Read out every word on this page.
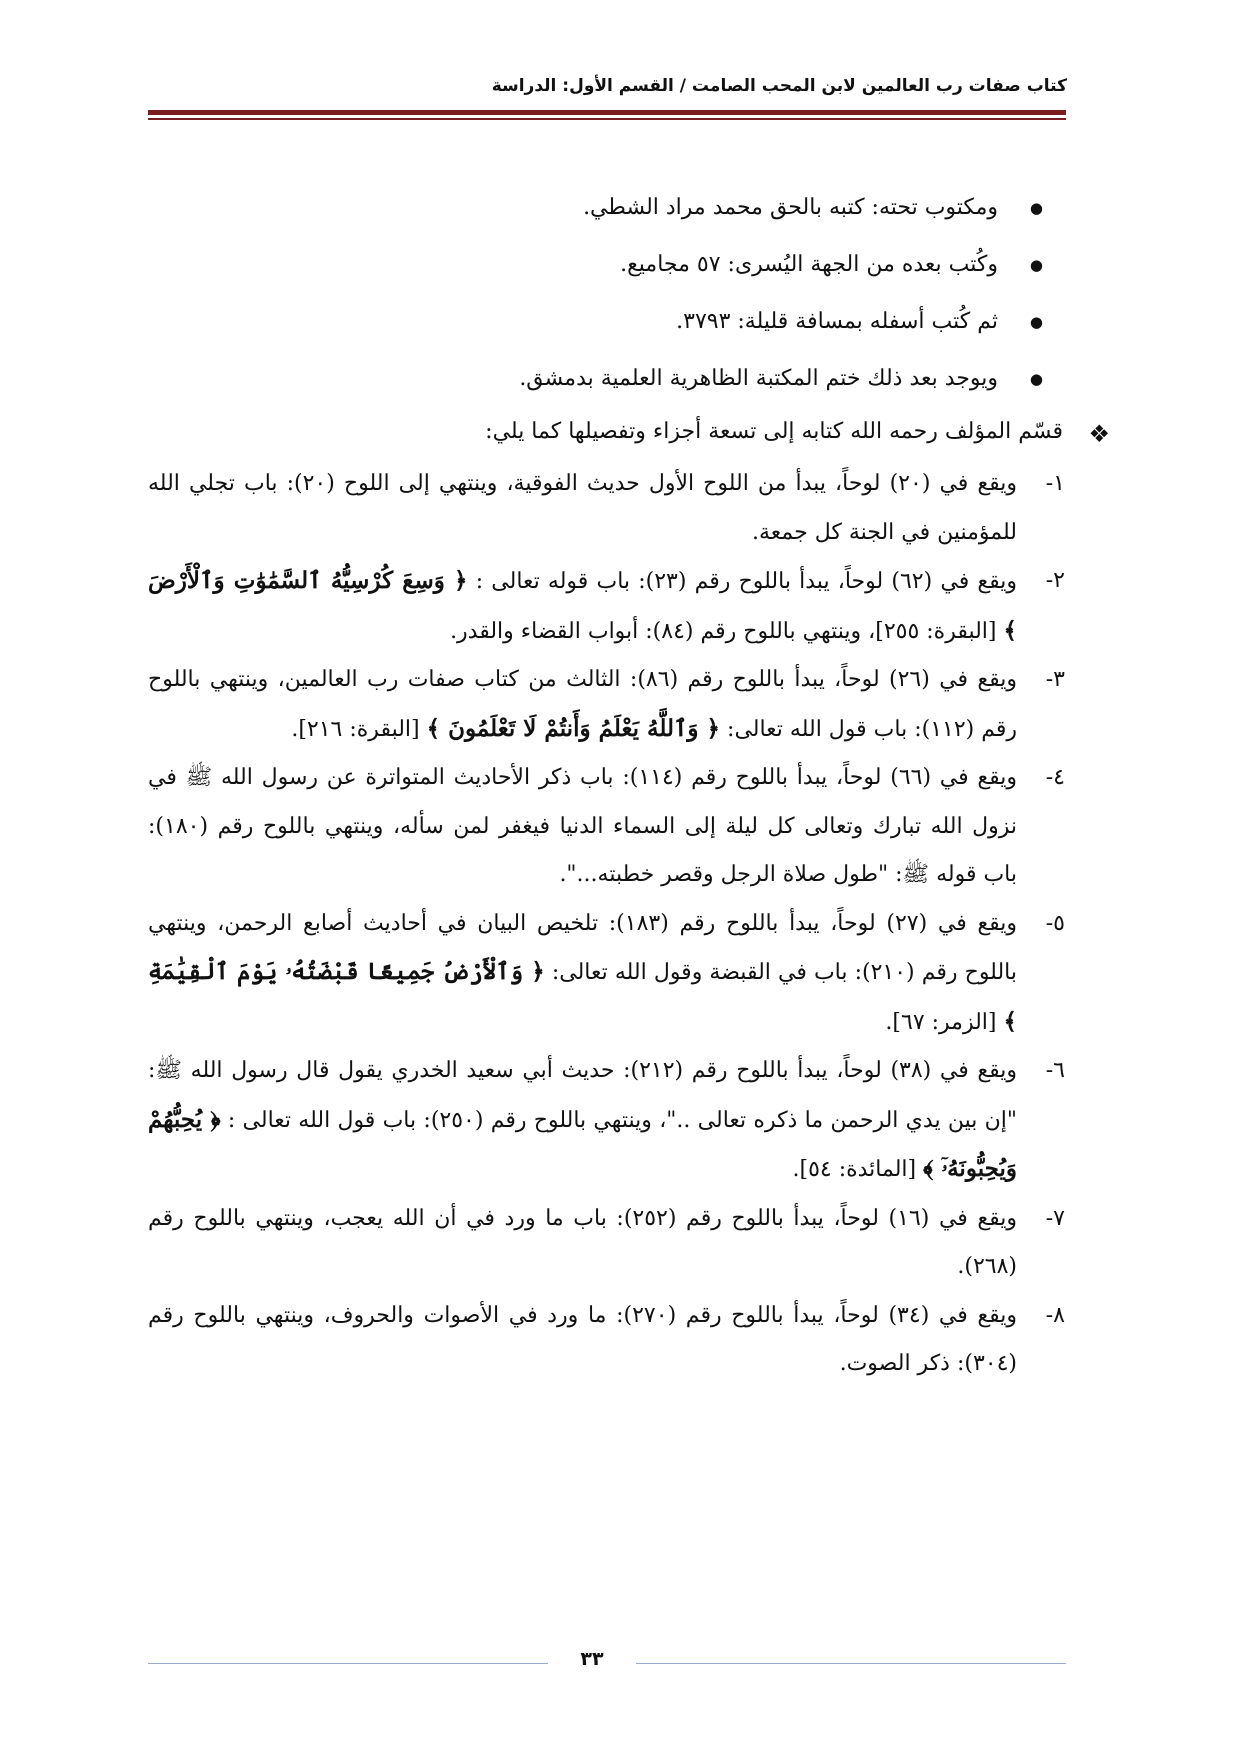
كتاب صفات رب العالمين لابن المحب الصامت / القسم الأول: الدراسة
● ومكتوب تحته: كتبه بالحق محمد مراد الشطي.
● وكُتب بعده من الجهة اليُسرى: ٥٧ مجاميع.
● ثم كُتب أسفله بمسافة قليلة: ٣٧٩٣.
● ويوجد بعد ذلك ختم المكتبة الظاهرية العلمية بدمشق.
❖
قسّم المؤلف رحمه الله كتابه إلى تسعة أجزاء وتفصيلها كما يلي:
١-
ويقع في (٢٠) لوحاً، يبدأ من اللوح الأول حديث الفوقية، وينتهي إلى اللوح (٢٠): باب تجلي الله للمؤمنين في الجنة كل جمعة.
٢-
ويقع في (٦٢) لوحاً، يبدأ باللوح رقم (٢٣): باب قوله تعالى : ﴿ وَسِعَ كُرْسِيُّهُ ٱلسَّمَٰوَٰتِ وَٱلْأَرْضَ ﴾ [البقرة: ٢٥٥]، وينتهي باللوح رقم (٨٤): أبواب القضاء والقدر.
٣-
ويقع في (٢٦) لوحاً، يبدأ باللوح رقم (٨٦): الثالث من كتاب صفات رب العالمين، وينتهي باللوح رقم (١١٢): باب قول الله تعالى: ﴿ وَٱللَّهُ يَعْلَمُ وَأَنتُمْ لَا تَعْلَمُونَ ﴾ [البقرة: ٢١٦].
٤-
ويقع في (٦٦) لوحاً، يبدأ باللوح رقم (١١٤): باب ذكر الأحاديث المتواترة عن رسول الله ﷺ في نزول الله تبارك وتعالى كل ليلة إلى السماء الدنيا فيغفر لمن سأله، وينتهي باللوح رقم (١٨٠): باب قوله ﷺ: "طول صلاة الرجل وقصر خطبته...".
٥-
ويقع في (٢٧) لوحاً، يبدأ باللوح رقم (١٨٣): تلخيص البيان في أحاديث أصابع الرحمن، وينتهي باللوح رقم (٢١٠): باب في القبضة وقول الله تعالى: ﴿ وَٱلْأَرْضُ جَمِيعًا قَبْضَتُهُۥ يَوْمَ ٱلْقِيَٰمَةِ ﴾ [الزمر: ٦٧].
٦-
ويقع في (٣٨) لوحاً، يبدأ باللوح رقم (٢١٢): حديث أبي سعيد الخدري يقول قال رسول الله ﷺ: "إن بين يدي الرحمن ما ذكره تعالى .."، وينتهي باللوح رقم (٢٥٠): باب قول الله تعالى : ﴿ يُحِبُّهُمْ وَيُحِبُّونَهُۥٓ ﴾ [المائدة: ٥٤].
٧-
ويقع في (١٦) لوحاً، يبدأ باللوح رقم (٢٥٢): باب ما ورد في أن الله يعجب، وينتهي باللوح رقم (٢٦٨).
٨-
ويقع في (٣٤) لوحاً، يبدأ باللوح رقم (٢٧٠): ما ورد في الأصوات والحروف، وينتهي باللوح رقم (٣٠٤): ذكر الصوت.
٣٣
